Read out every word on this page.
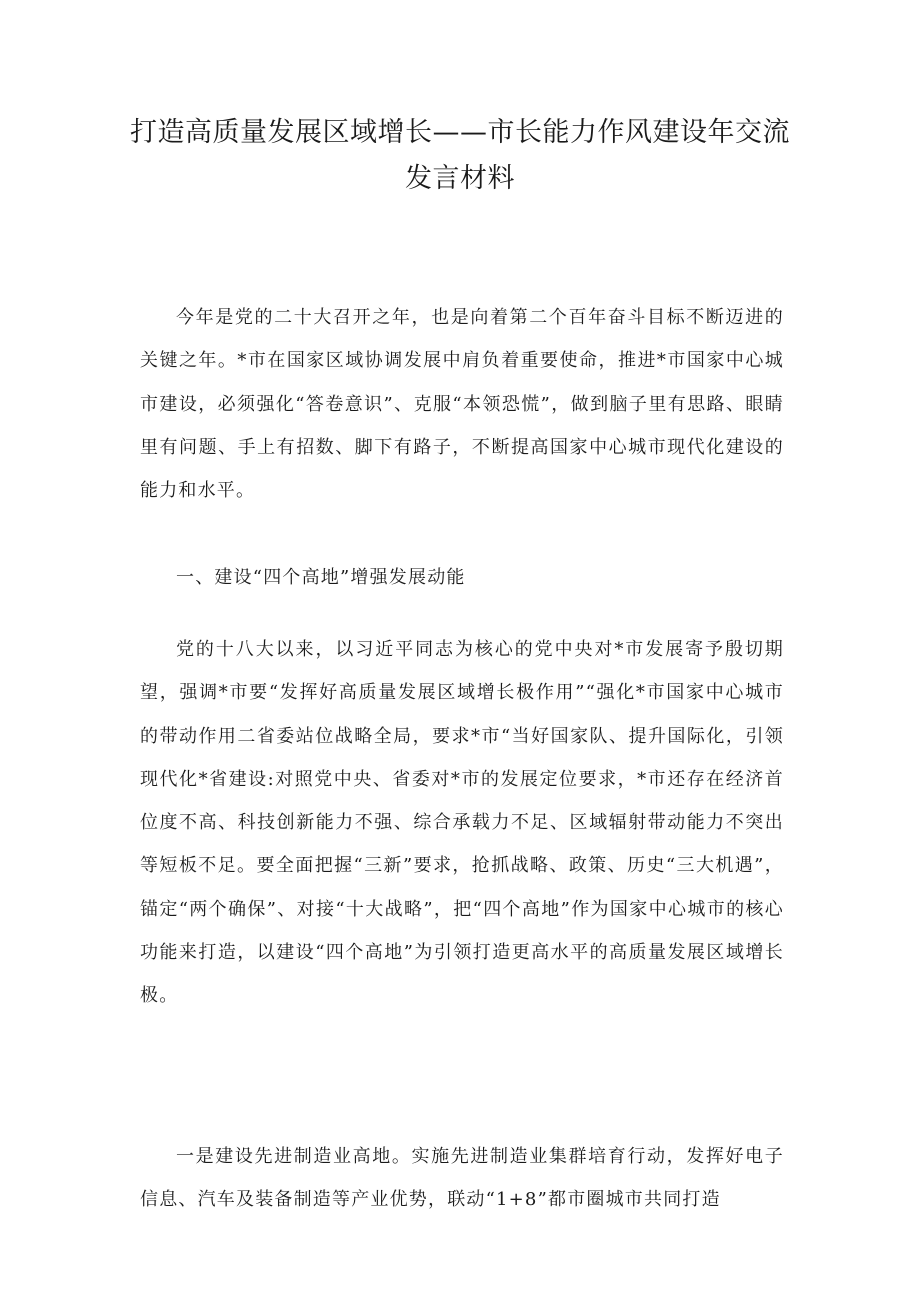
打造高质量发展区域增长——市长能力作风建设年交流发言材料

今年是党的二十大召开之年，也是向着第二个百年奋斗目标不断迈进的关键之年。*市在国家区域协调发展中肩负着重要使命，推进*市国家中心城市建设，必须强化“答卷意识”、克服“本领恐慌”，做到脑子里有思路、眼睛里有问题、手上有招数、脚下有路子，不断提高国家中心城市现代化建设的能力和水平。

一、建设“四个高地”增强发展动能

党的十八大以来，以习近平同志为核心的党中央对*市发展寄予殷切期望，强调*市要“发挥好高质量发展区域增长极作用”“强化*市国家中心城市的带动作用二省委站位战略全局，要求*市“当好国家队、提升国际化，引领现代化*省建设:对照党中央、省委对*市的发展定位要求，*市还存在经济首位度不高、科技创新能力不强、综合承载力不足、区域辐射带动能力不突出等短板不足。要全面把握“三新”要求，抢抓战略、政策、历史“三大机遇”，锚定“两个确保”、对接“十大战略”，把“四个高地”作为国家中心城市的核心功能来打造，以建设“四个高地”为引领打造更高水平的高质量发展区域增长极。

一是建设先进制造业高地。实施先进制造业集群培育行动，发挥好电子信息、汽车及装备制造等产业优势，联动“1+8”都市圈城市共同打造
